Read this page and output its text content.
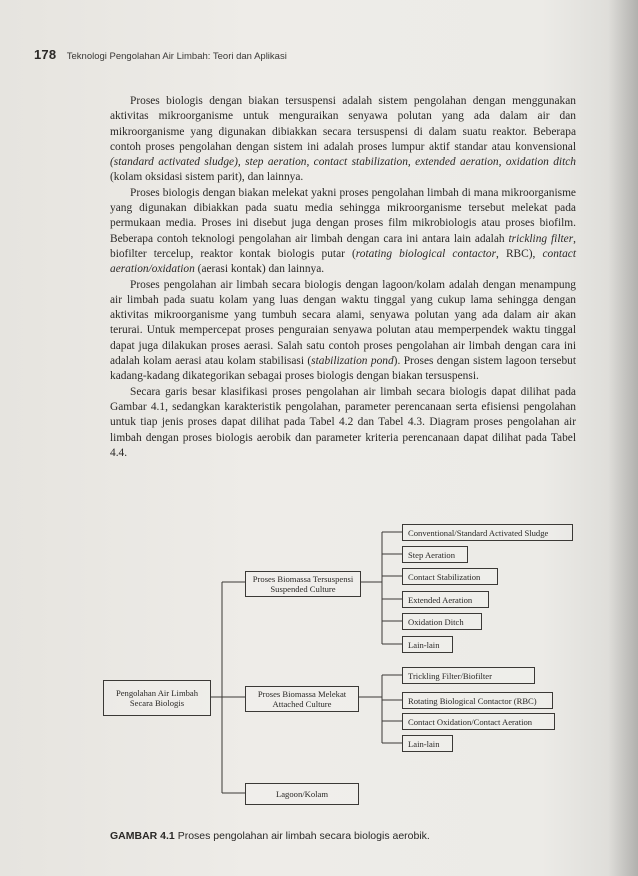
178 Teknologi Pengolahan Air Limbah: Teori dan Aplikasi

Proses biologis dengan biakan tersuspensi adalah sistem pengolahan dengan menggunakan aktivitas mikroorganisme untuk menguraikan senyawa polutan yang ada dalam air dan mikroorganisme yang digunakan dibiakkan secara tersuspensi di dalam suatu reaktor. Beberapa contoh proses pengolahan dengan sistem ini adalah proses lumpur aktif standar atau konvensional (standard activated sludge), step aeration, contact stabilization, extended aeration, oxidation ditch (kolam oksidasi sistem parit), dan lainnya.

Proses biologis dengan biakan melekat yakni proses pengolahan limbah di mana mikroorganisme yang digunakan dibiakkan pada suatu media sehingga mikroorganisme tersebut melekat pada permukaan media. Proses ini disebut juga dengan proses film mikrobiologis atau proses biofilm. Beberapa contoh teknologi pengolahan air limbah dengan cara ini antara lain adalah trickling filter, biofilter tercelup, reaktor kontak biologis putar (rotating biological contactor, RBC), contact aeration/oxidation (aerasi kontak) dan lainnya.

Proses pengolahan air limbah secara biologis dengan lagoon/kolam adalah dengan menampung air limbah pada suatu kolam yang luas dengan waktu tinggal yang cukup lama sehingga dengan aktivitas mikroorganisme yang tumbuh secara alami, senyawa polutan yang ada dalam air akan terurai. Untuk mempercepat proses penguraian senyawa polutan atau memperpendek waktu tinggal dapat juga dilakukan proses aerasi. Salah satu contoh proses pengolahan air limbah dengan cara ini adalah kolam aerasi atau kolam stabilisasi (stabilization pond). Proses dengan sistem lagoon tersebut kadang-kadang dikategorikan sebagai proses biologis dengan biakan tersuspensi.

Secara garis besar klasifikasi proses pengolahan air limbah secara biologis dapat dilihat pada Gambar 4.1, sedangkan karakteristik pengolahan, parameter perencanaan serta efisiensi pengolahan untuk tiap jenis proses dapat dilihat pada Tabel 4.2 dan Tabel 4.3. Diagram proses pengolahan air limbah dengan proses biologis aerobik dan parameter kriteria perencanaan dapat dilihat pada Tabel 4.4.

Pengolahan Air Limbah
Secara Biologis
Proses Biomassa Tersuspensi
Suspended Culture
Proses Biomassa Melekat
Attached Culture
Lagoon/Kolam
Conventional/Standard Activated Sludge
Step Aeration
Contact Stabilization
Extended Aeration
Oxidation Ditch
Lain-lain
Trickling Filter/Biofilter
Rotating Biological Contactor (RBC)
Contact Oxidation/Contact Aeration
Lain-lain
GAMBAR 4.1 Proses pengolahan air limbah secara biologis aerobik.
